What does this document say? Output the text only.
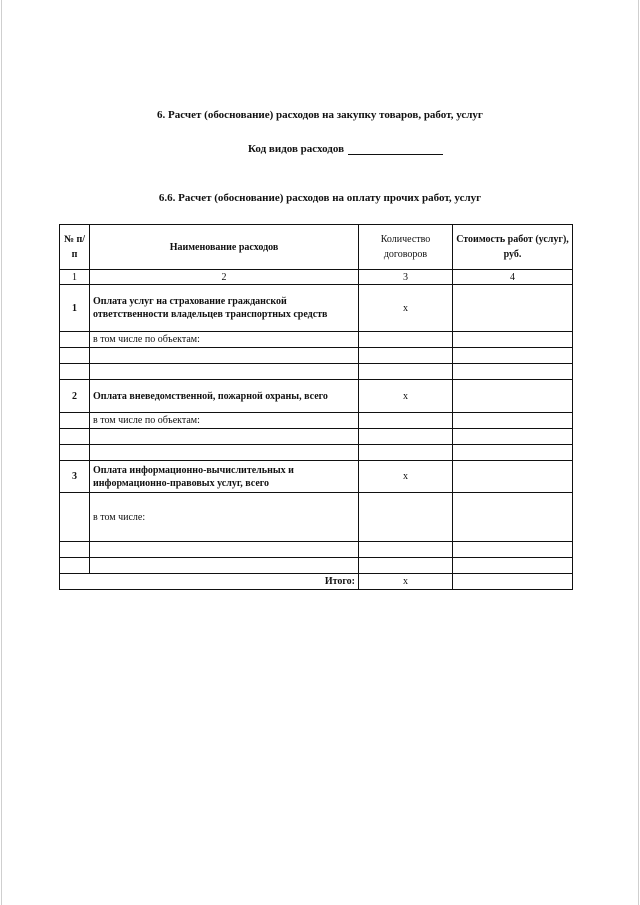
6. Расчет (обоснование) расходов на закупку товаров, работ, услуг
Код видов расходов
6.6. Расчет (обоснование) расходов на оплату прочих работ, услуг
№ п/п	Наименование расходов	Количество договоров	Стоимость работ (услуг), руб.
1	2	3	4
1	Оплата услуг на страхование гражданской ответственности владельцев транспортных средств	х	
	в том числе по объектам:		

2	Оплата вневедомственной, пожарной охраны, всего	х	
	в том числе по объектам:		

3	Оплата информационно-вычислительных и информационно-правовых услуг, всего	х	
	в том числе:		

Итого:		х	
